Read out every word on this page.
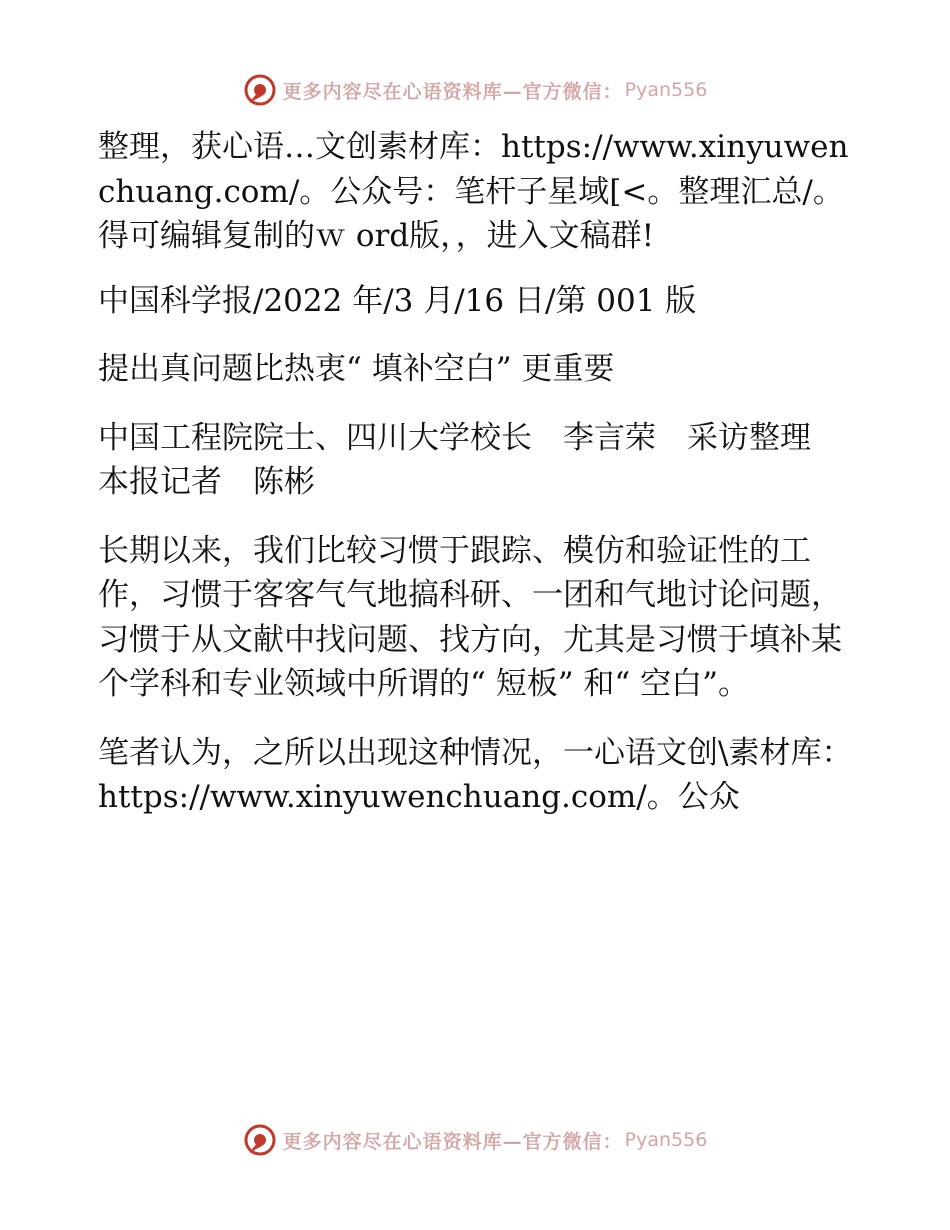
更多内容尽在心语资料库—官方微信： Pyan556

整理，获心语…文创素材库：https://www.xinyuwenchuang.com/。公众号：笔杆子星域[<。整理汇总/。得可编辑复制的ｗ ord版，，进入文稿群!

中国科学报/2022 年/3 月/16 日/第 001 版

提出真问题比热衷“ 填补空白” 更重要

中国工程院院士、四川大学校长　李言荣　采访整理　本报记者　陈彬

长期以来，我们比较习惯于跟踪、模仿和验证性的工作，习惯于客客气气地搞科研、一团和气地讨论问题，习惯于从文献中找问题、找方向，尤其是习惯于填补某个学科和专业领域中所谓的“ 短板” 和“ 空白”。

笔者认为，之所以出现这种情况，一心语文创\素材库：https://www.xinyuwenchuang.com/。公众

更多内容尽在心语资料库—官方微信： Pyan556
